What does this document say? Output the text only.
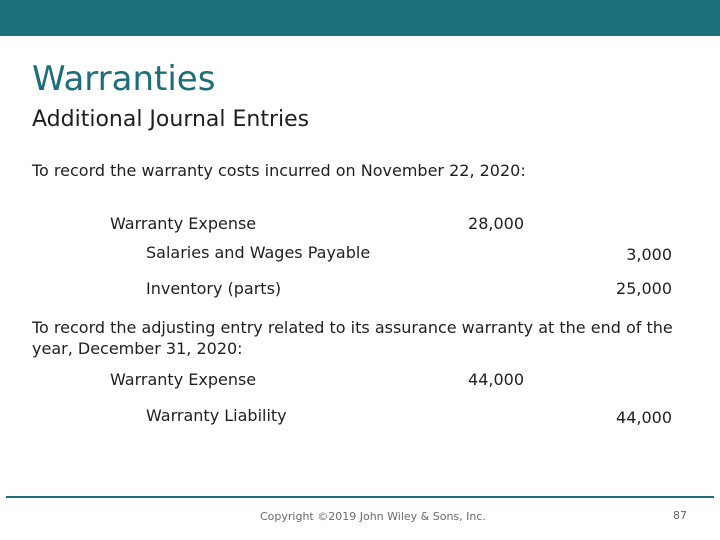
Warranties
Additional Journal Entries
To record the warranty costs incurred on November 22, 2020:
Warranty Expense	28,000
Salaries and Wages Payable	3,000
Inventory (parts)	25,000
To record the adjusting entry related to its assurance warranty at the end of the year, December 31, 2020:
Warranty Expense	44,000
Warranty Liability	44,000
Copyright ©2019 John Wiley & Sons, Inc.	87
